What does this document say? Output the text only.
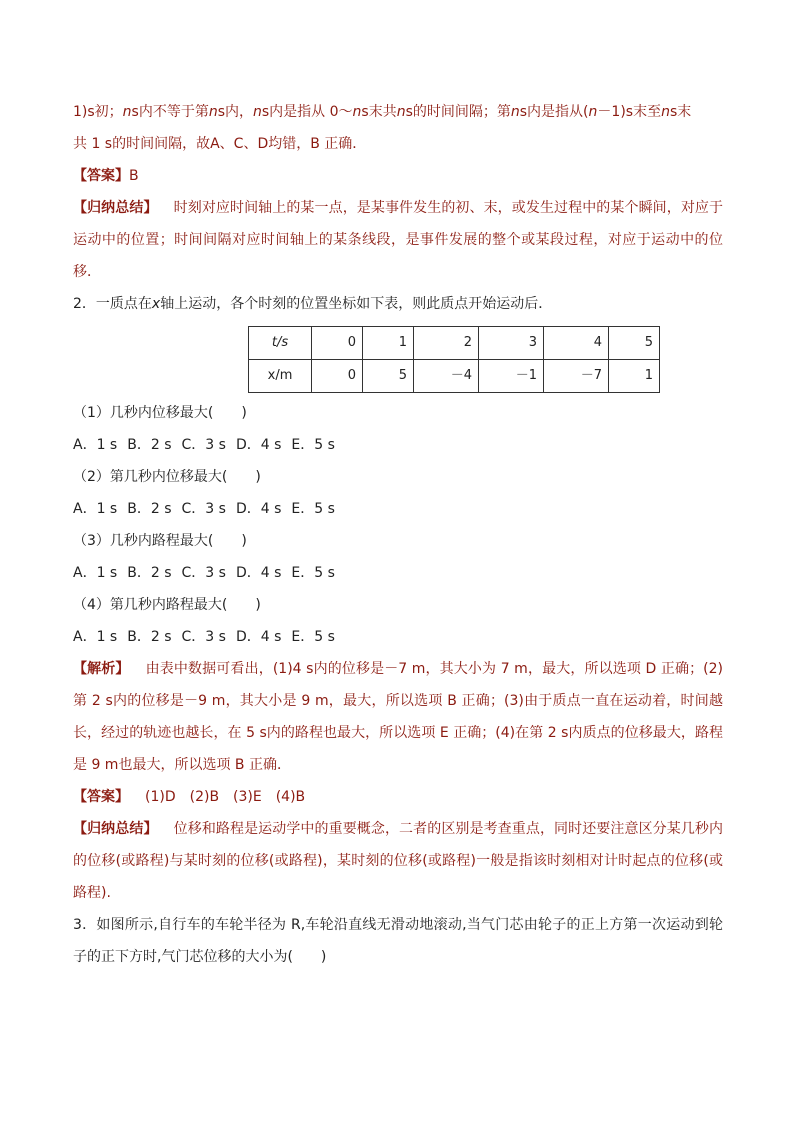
1)s初；ns内不等于第ns内，ns内是指从 0～ns末共ns的时间间隔；第ns内是指从(n－1)s末至ns末
共 1 s的时间间隔，故A、C、D均错，B 正确．
【答案】B

【归纳总结】 时刻对应时间轴上的某一点，是某事件发生的初、末，或发生过程中的某个瞬间，对应于运动中的位置；时间间隔对应时间轴上的某条线段，是事件发展的整个或某段过程，对应于运动中的位移．

2．一质点在x轴上运动，各个时刻的位置坐标如下表，则此质点开始运动后．
t/s	0	1	2	3	4	5
x/m	0	5	－4	－1	－7	1
（1）几秒内位移最大(　　)
A．1 s B．2 s C．3 s D．4 s E．5 s
（2）第几秒内位移最大(　　)
A．1 s B．2 s C．3 s D．4 s E．5 s
（3）几秒内路程最大(　　)
A．1 s B．2 s C．3 s D．4 s E．5 s
（4）第几秒内路程最大(　　)
A．1 s B．2 s C．3 s D．4 s E．5 s

【解析】 由表中数据可看出，(1)4 s内的位移是－7 m，其大小为 7 m，最大，所以选项 D 正确；(2)第 2 s内的位移是－9 m，其大小是 9 m，最大，所以选项 B 正确；(3)由于质点一直在运动着，时间越长，经过的轨迹也越长，在 5 s内的路程也最大，所以选项 E 正确；(4)在第 2 s内质点的位移最大，路程是 9 m也最大，所以选项 B 正确．

【答案】 (1)D　(2)B　(3)E　(4)B

【归纳总结】 位移和路程是运动学中的重要概念，二者的区别是考查重点，同时还要注意区分某几秒内的位移(或路程)与某时刻的位移(或路程)，某时刻的位移(或路程)一般是指该时刻相对计时起点的位移(或路程).

3．如图所示,自行车的车轮半径为 R,车轮沿直线无滑动地滚动,当气门芯由轮子的正上方第一次运动到轮子的正下方时,气门芯位移的大小为(　　)
